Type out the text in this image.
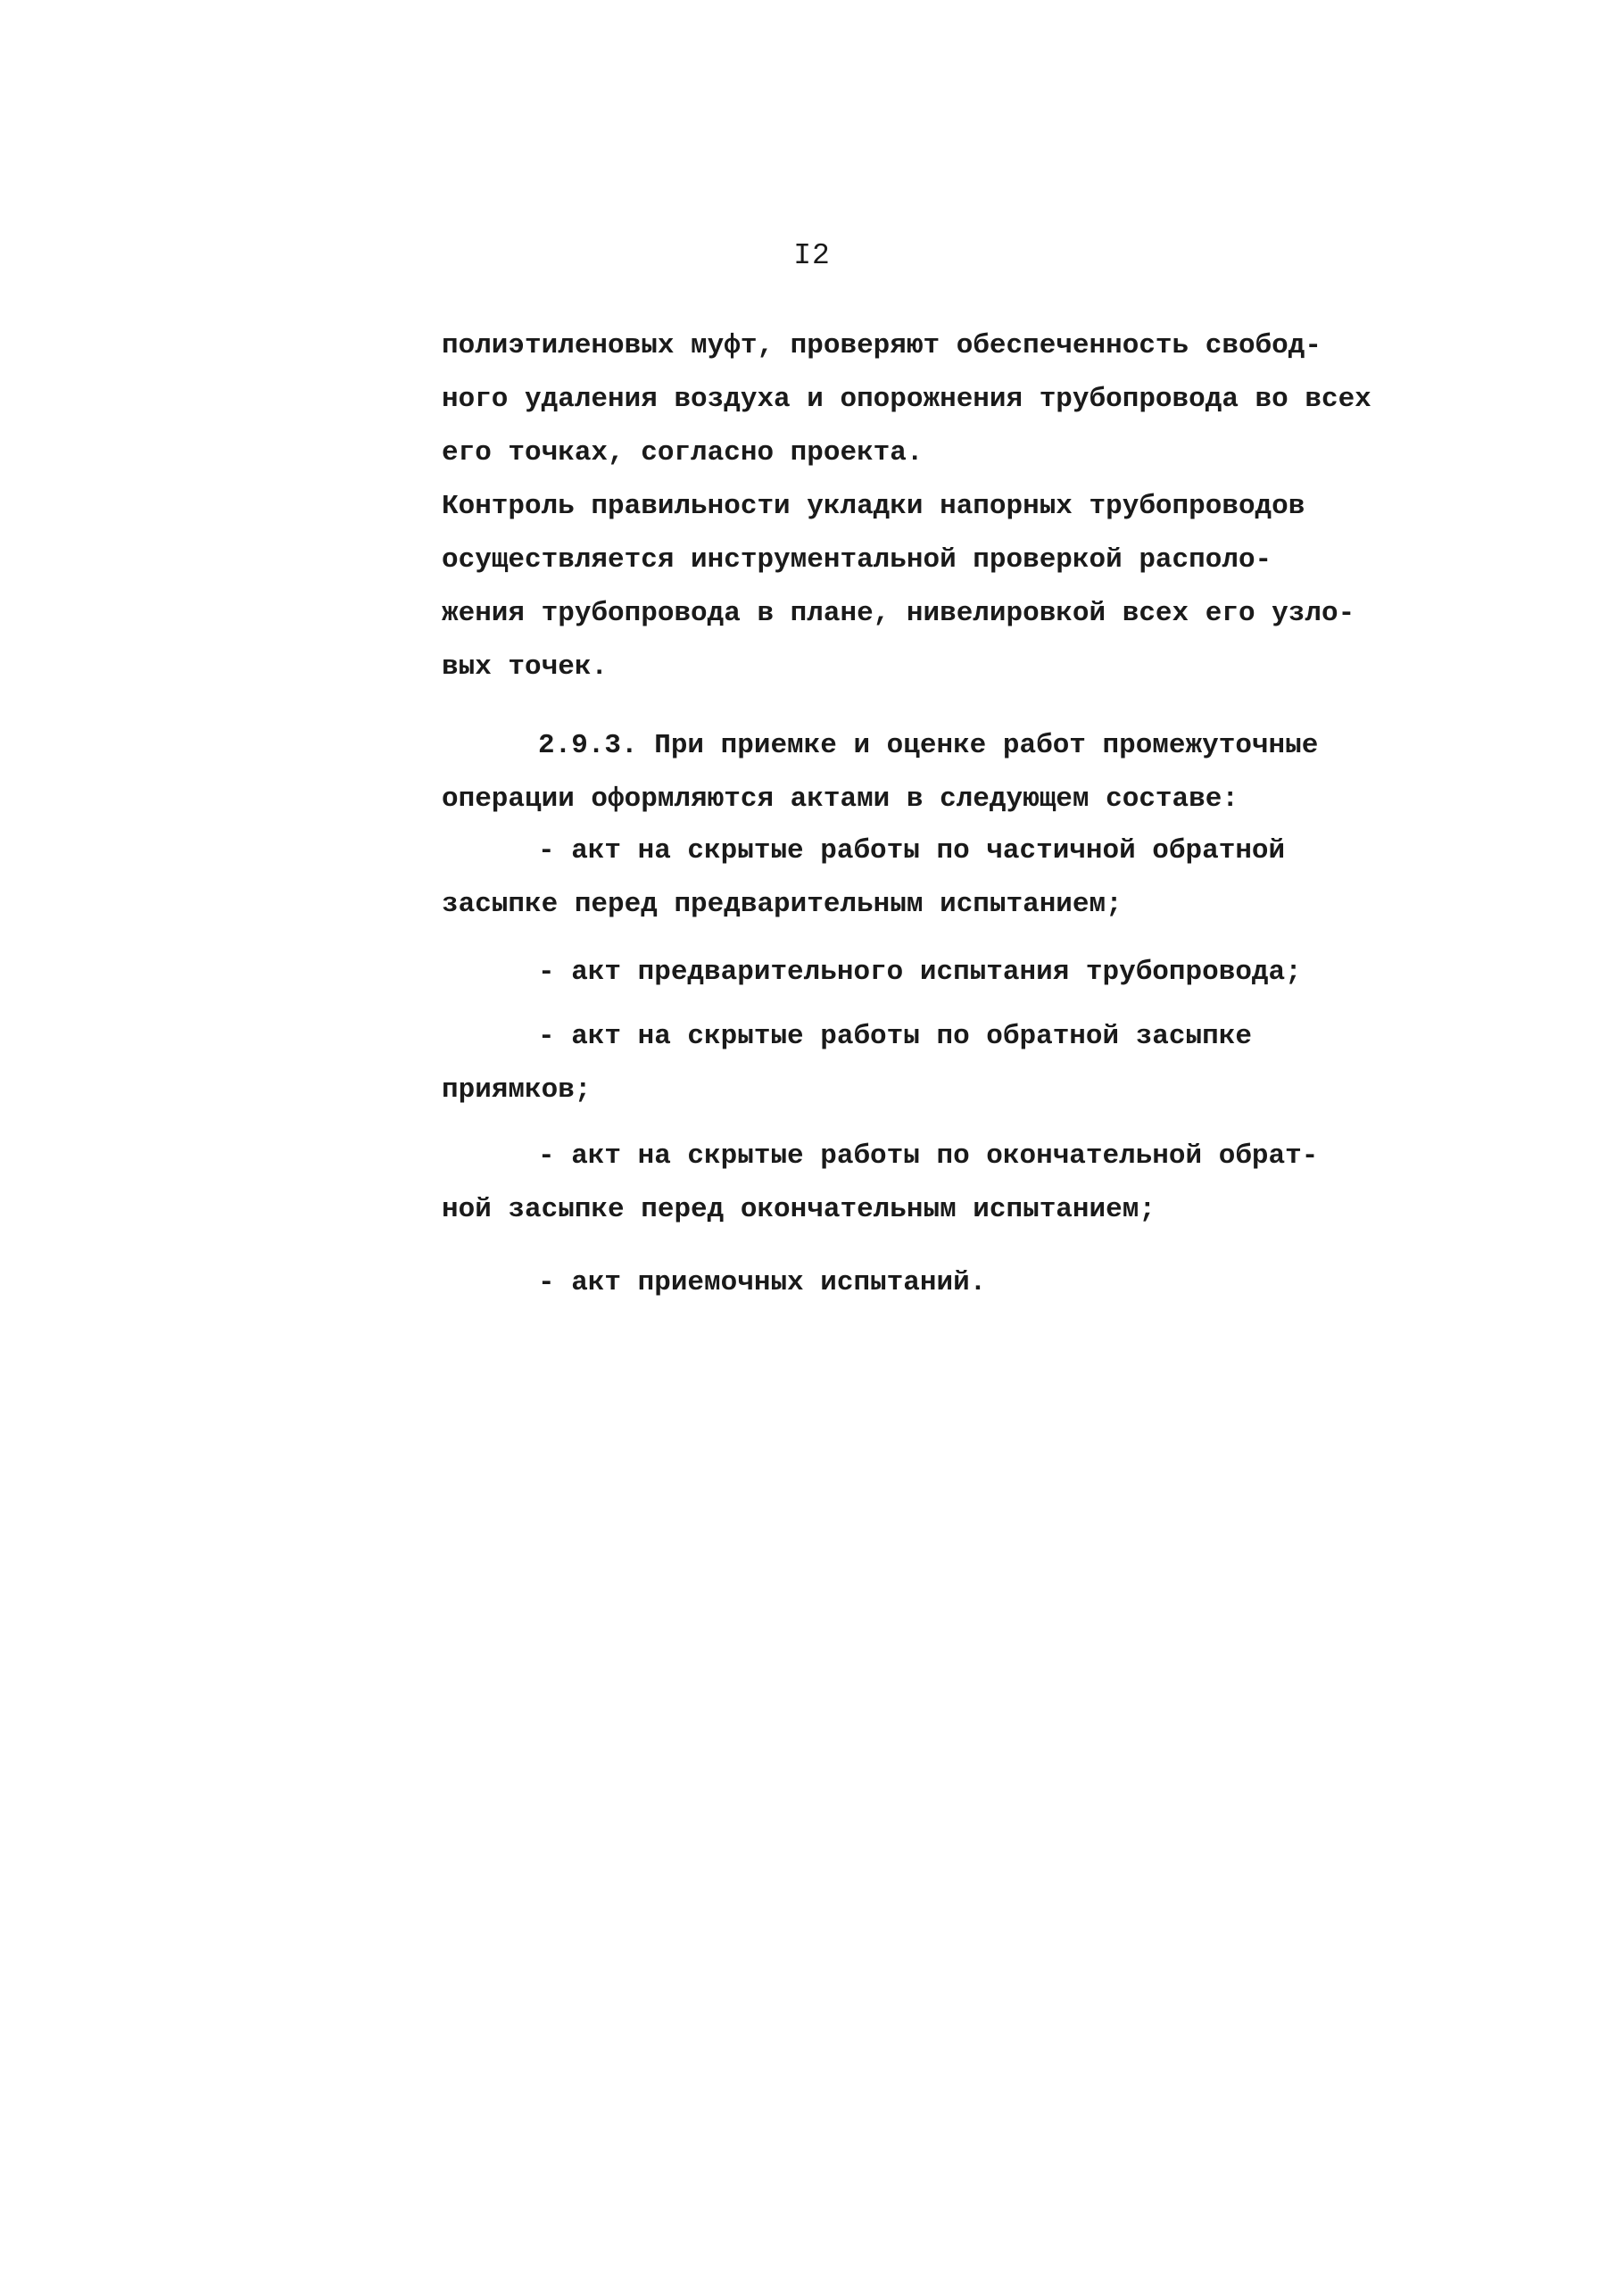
I2
полиэтиленовых муфт, проверяют обеспеченность свобод-
ного удаления воздуха и опорожнения трубопровода во всех
его точках, согласно проекта.
Контроль правильности укладки напорных трубопроводов
осуществляется инструментальной проверкой располо-
жения трубопровода в плане, нивелировкой всех его узло-
вых точек.
2.9.3. При приемке и оценке работ промежуточные
операции оформляются актами в следующем составе:
- акт на скрытые работы по частичной обратной
засыпке перед предварительным испытанием;
- акт предварительного испытания трубопровода;
- акт на скрытые работы по обратной засыпке
приямков;
- акт на скрытые работы по окончательной обрат-
ной засыпке перед окончательным испытанием;
- акт приемочных испытаний.
